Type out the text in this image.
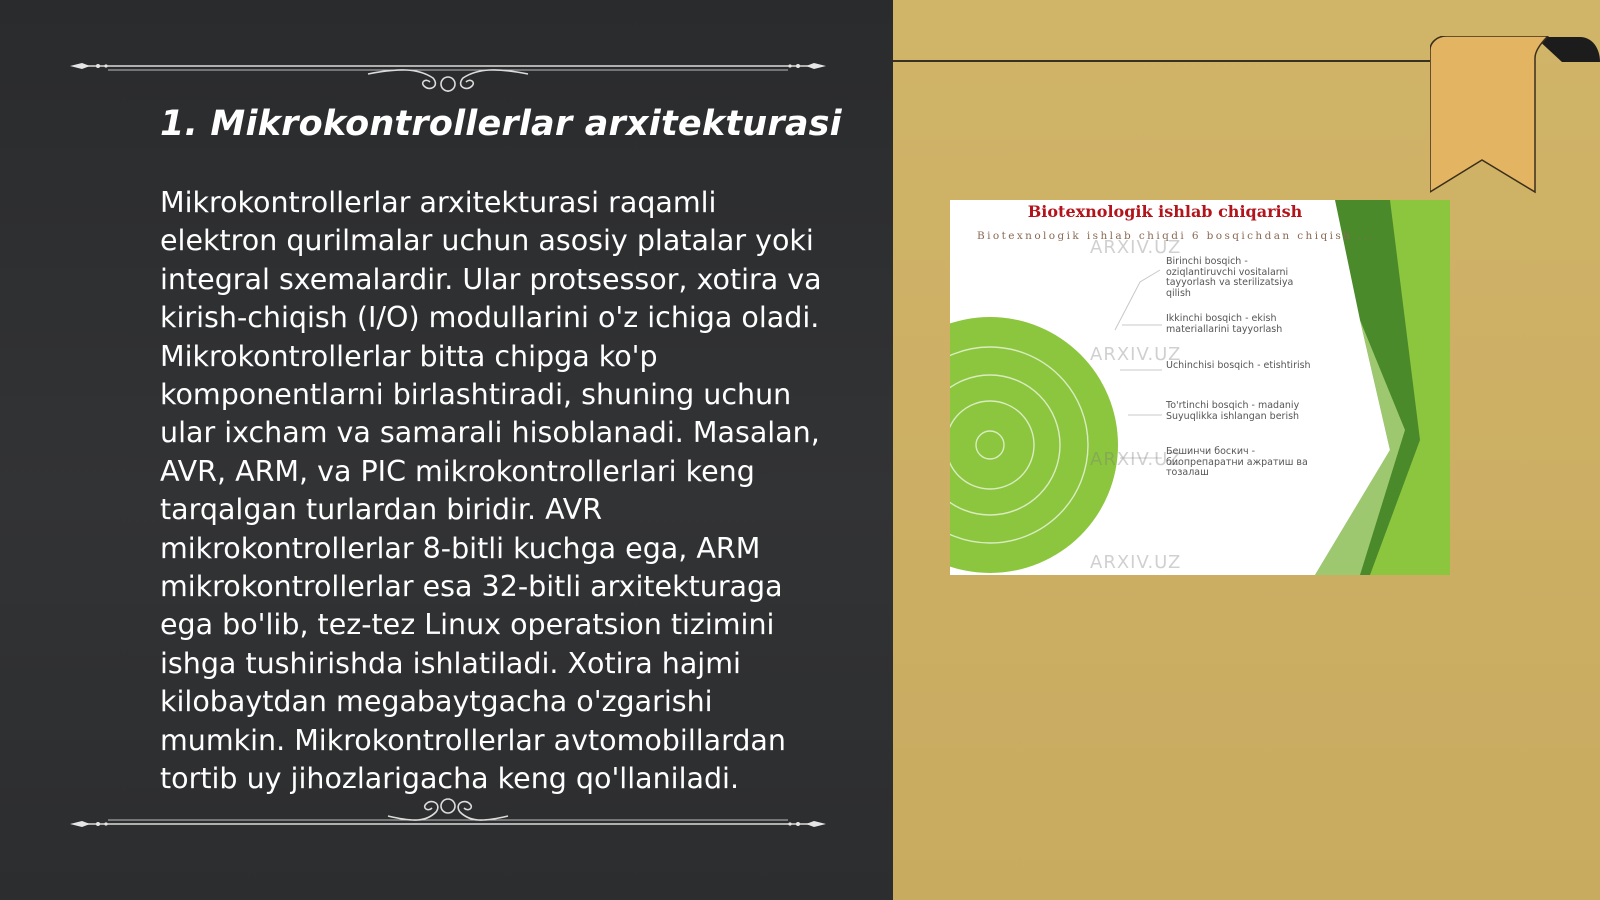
1. Mikrokontrollerlar arxitekturasi

Mikrokontrollerlar arxitekturasi raqamli elektron qurilmalar uchun asosiy platalar yoki integral sxemalardir. Ular protsessor, xotira va kirish-chiqish (I/O) modullarini o'z ichiga oladi. Mikrokontrollerlar bitta chipga ko'p komponentlarni birlashtiradi, shuning uchun ular ixcham va samarali hisoblanadi. Masalan, AVR, ARM, va PIC mikrokontrollerlari keng tarqalgan turlardan biridir. AVR mikrokontrollerlar 8-bitli kuchga ega, ARM mikrokontrollerlar esa 32-bitli arxitekturaga ega bo'lib, tez-tez Linux operatsion tizimini ishga tushirishda ishlatiladi. Xotira hajmi kilobaytdan megabaytgacha o'zgarishi mumkin. Mikrokontrollerlar avtomobillardan tortib uy jihozlarigacha keng qo'llaniladi.

Biotexnologik ishlab chiqarish
Biotexnologik ishlab chiqdi 6 bosqichdan chiqish ...
ARXIV.UZ
ARXIV.UZ
ARXIV.UZ
ARXIV.UZ
Birinchi bosqich - oziqlantiruvchi vositalarni tayyorlash va sterilizatsiya qilish
Ikkinchi bosqich - ekish materiallarini tayyorlash
Uchinchisi bosqich - etishtirish
To'rtinchi bosqich - madaniy Suyuqlikka ishlangan berish
Бешинчи боскич - биопрепаратни ажратиш ва тозалаш
